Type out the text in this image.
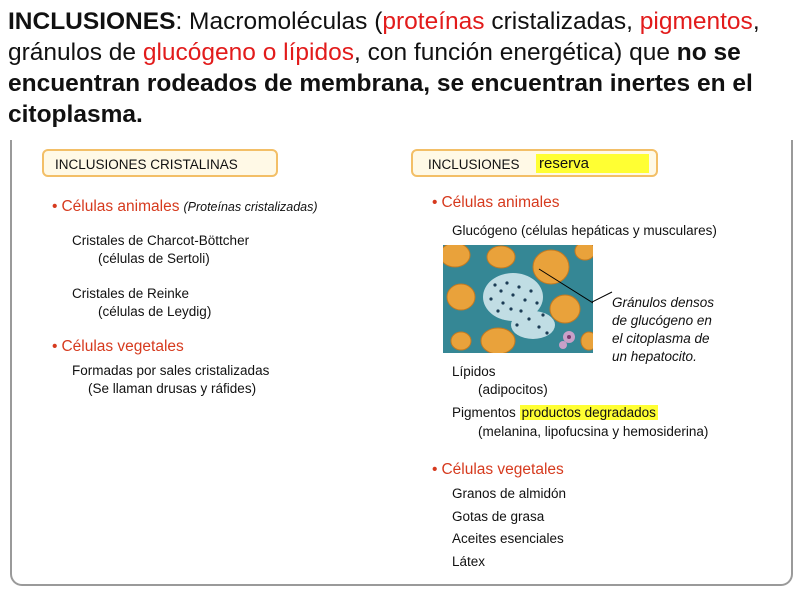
INCLUSIONES: Macromoléculas (proteínas cristalizadas, pigmentos, gránulos de glucógeno o lípidos, con función energética) que no se encuentran rodeados de membrana, se encuentran inertes en el citoplasma.
INCLUSIONES CRISTALINAS
• Células animales (Proteínas cristalizadas)
Cristales de Charcot-Böttcher
(células de Sertoli)
Cristales de Reinke
(células de Leydig)
• Células vegetales
Formadas por sales cristalizadas
(Se llaman drusas y ráfides)
INCLUSIONES reserva
• Células animales
Glucógeno (células hepáticas y musculares)
Gránulos densos
de glucógeno en
el citoplasma de
un hepatocito.
Lípidos
(adipocitos)
Pigmentos productos degradados
(melanina, lipofucsina y hemosiderina)
• Células vegetales
Granos de almidón
Gotas de grasa
Aceites esenciales
Látex
